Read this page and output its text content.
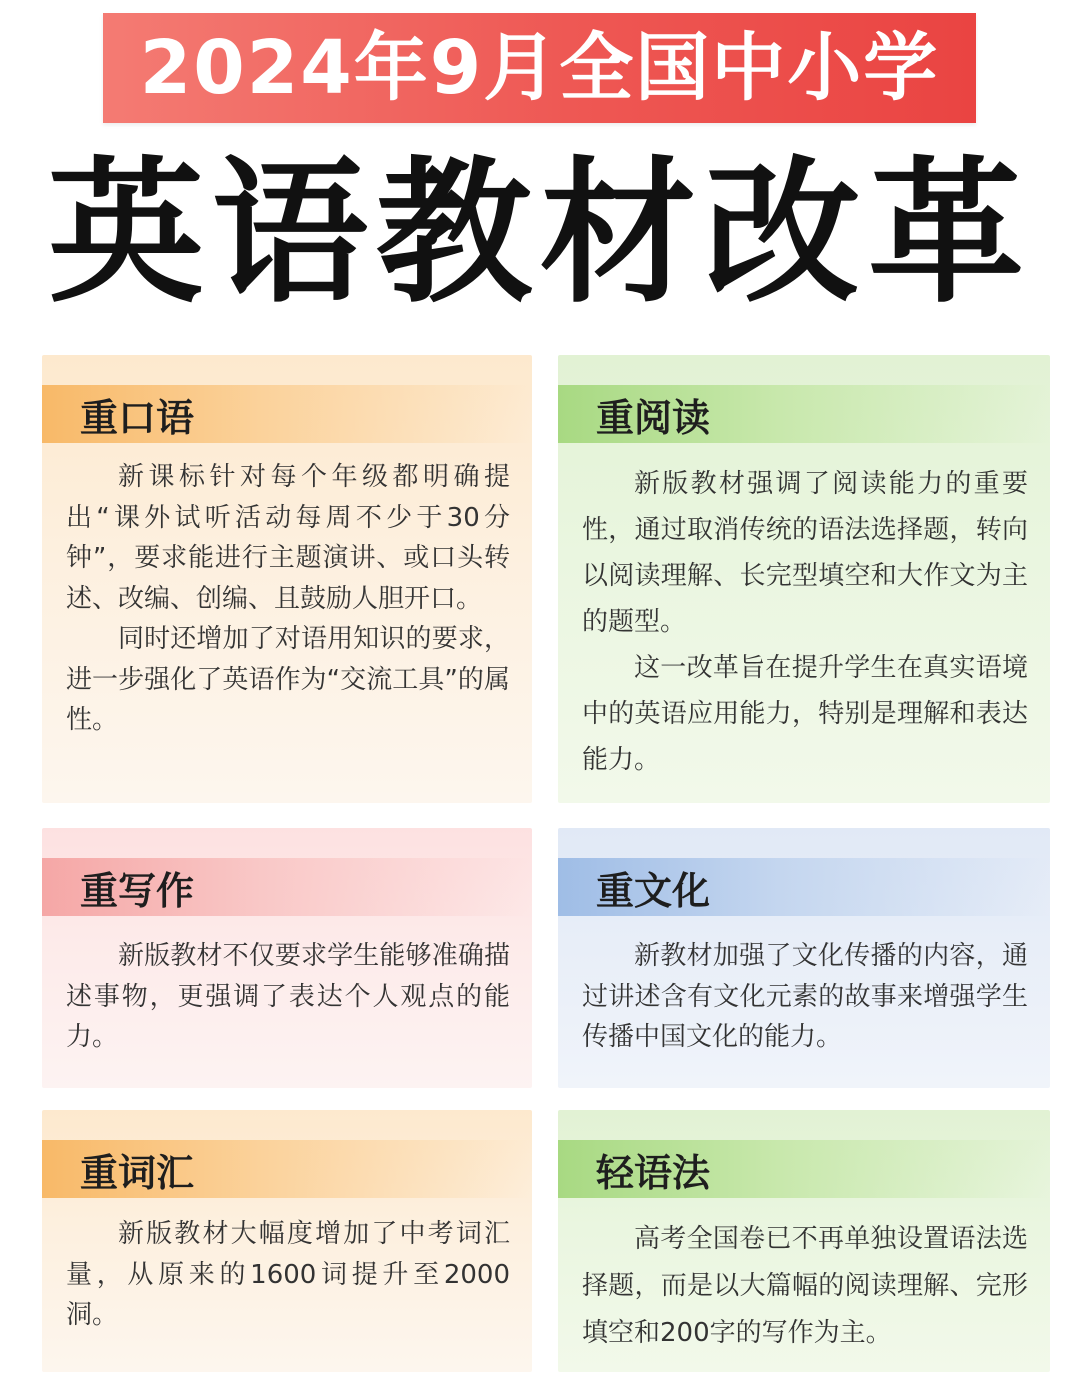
2024年9月全国中小学
英语教材改革
重口语

新课标针对每个年级都明确提出“课外试听活动每周不少于30分钟”，要求能进行主题演讲、或口头转述、改编、创编、且鼓励人胆开口。

同时还增加了对语用知识的要求，进一步强化了英语作为“交流工具”的属性。

重阅读

新版教材强调了阅读能力的重要性，通过取消传统的语法选择题，转向以阅读理解、长完型填空和大作文为主的题型。

这一改革旨在提升学生在真实语境中的英语应用能力，特别是理解和表达能力。

重写作

新版教材不仅要求学生能够准确描述事物，更强调了表达个人观点的能力。

重文化

新教材加强了文化传播的内容，通过讲述含有文化元素的故事来增强学生传播中国文化的能力。

重词汇

新版教材大幅度增加了中考词汇量，从原来的1600词提升至2000洞。

轻语法

高考全国卷已不再单独设置语法选择题，而是以大篇幅的阅读理解、完形填空和200字的写作为主。
